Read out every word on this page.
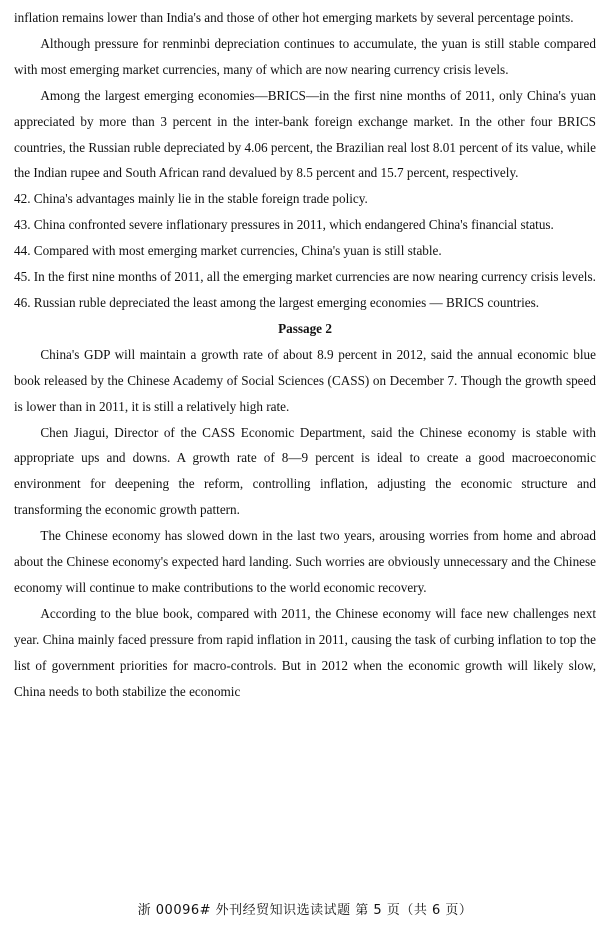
inflation remains lower than India's and those of other hot emerging markets by several percentage points.

Although pressure for renminbi depreciation continues to accumulate, the yuan is still stable compared with most emerging market currencies, many of which are now nearing currency crisis levels.

Among the largest emerging economies—BRICS—in the first nine months of 2011, only China's yuan appreciated by more than 3 percent in the inter-bank foreign exchange market. In the other four BRICS countries, the Russian ruble depreciated by 4.06 percent, the Brazilian real lost 8.01 percent of its value, while the Indian rupee and South African rand devalued by 8.5 percent and 15.7 percent, respectively.

42. China's advantages mainly lie in the stable foreign trade policy.

43. China confronted severe inflationary pressures in 2011, which endangered China's financial status.

44. Compared with most emerging market currencies, China's yuan is still stable.

45. In the first nine months of 2011, all the emerging market currencies are now nearing currency crisis levels.

46. Russian ruble depreciated the least among the largest emerging economies — BRICS countries.

Passage 2

China's GDP will maintain a growth rate of about 8.9 percent in 2012, said the annual economic blue book released by the Chinese Academy of Social Sciences (CASS) on December 7. Though the growth speed is lower than in 2011, it is still a relatively high rate.

Chen Jiagui, Director of the CASS Economic Department, said the Chinese economy is stable with appropriate ups and downs. A growth rate of 8—9 percent is ideal to create a good macroeconomic environment for deepening the reform, controlling inflation, adjusting the economic structure and transforming the economic growth pattern.

The Chinese economy has slowed down in the last two years, arousing worries from home and abroad about the Chinese economy's expected hard landing. Such worries are obviously unnecessary and the Chinese economy will continue to make contributions to the world economic recovery.

According to the blue book, compared with 2011, the Chinese economy will face new challenges next year. China mainly faced pressure from rapid inflation in 2011, causing the task of curbing inflation to top the list of government priorities for macro-controls. But in 2012 when the economic growth will likely slow, China needs to both stabilize the economic

浙 00096# 外刊经贸知识选读试题 第 5 页（共 6 页）
